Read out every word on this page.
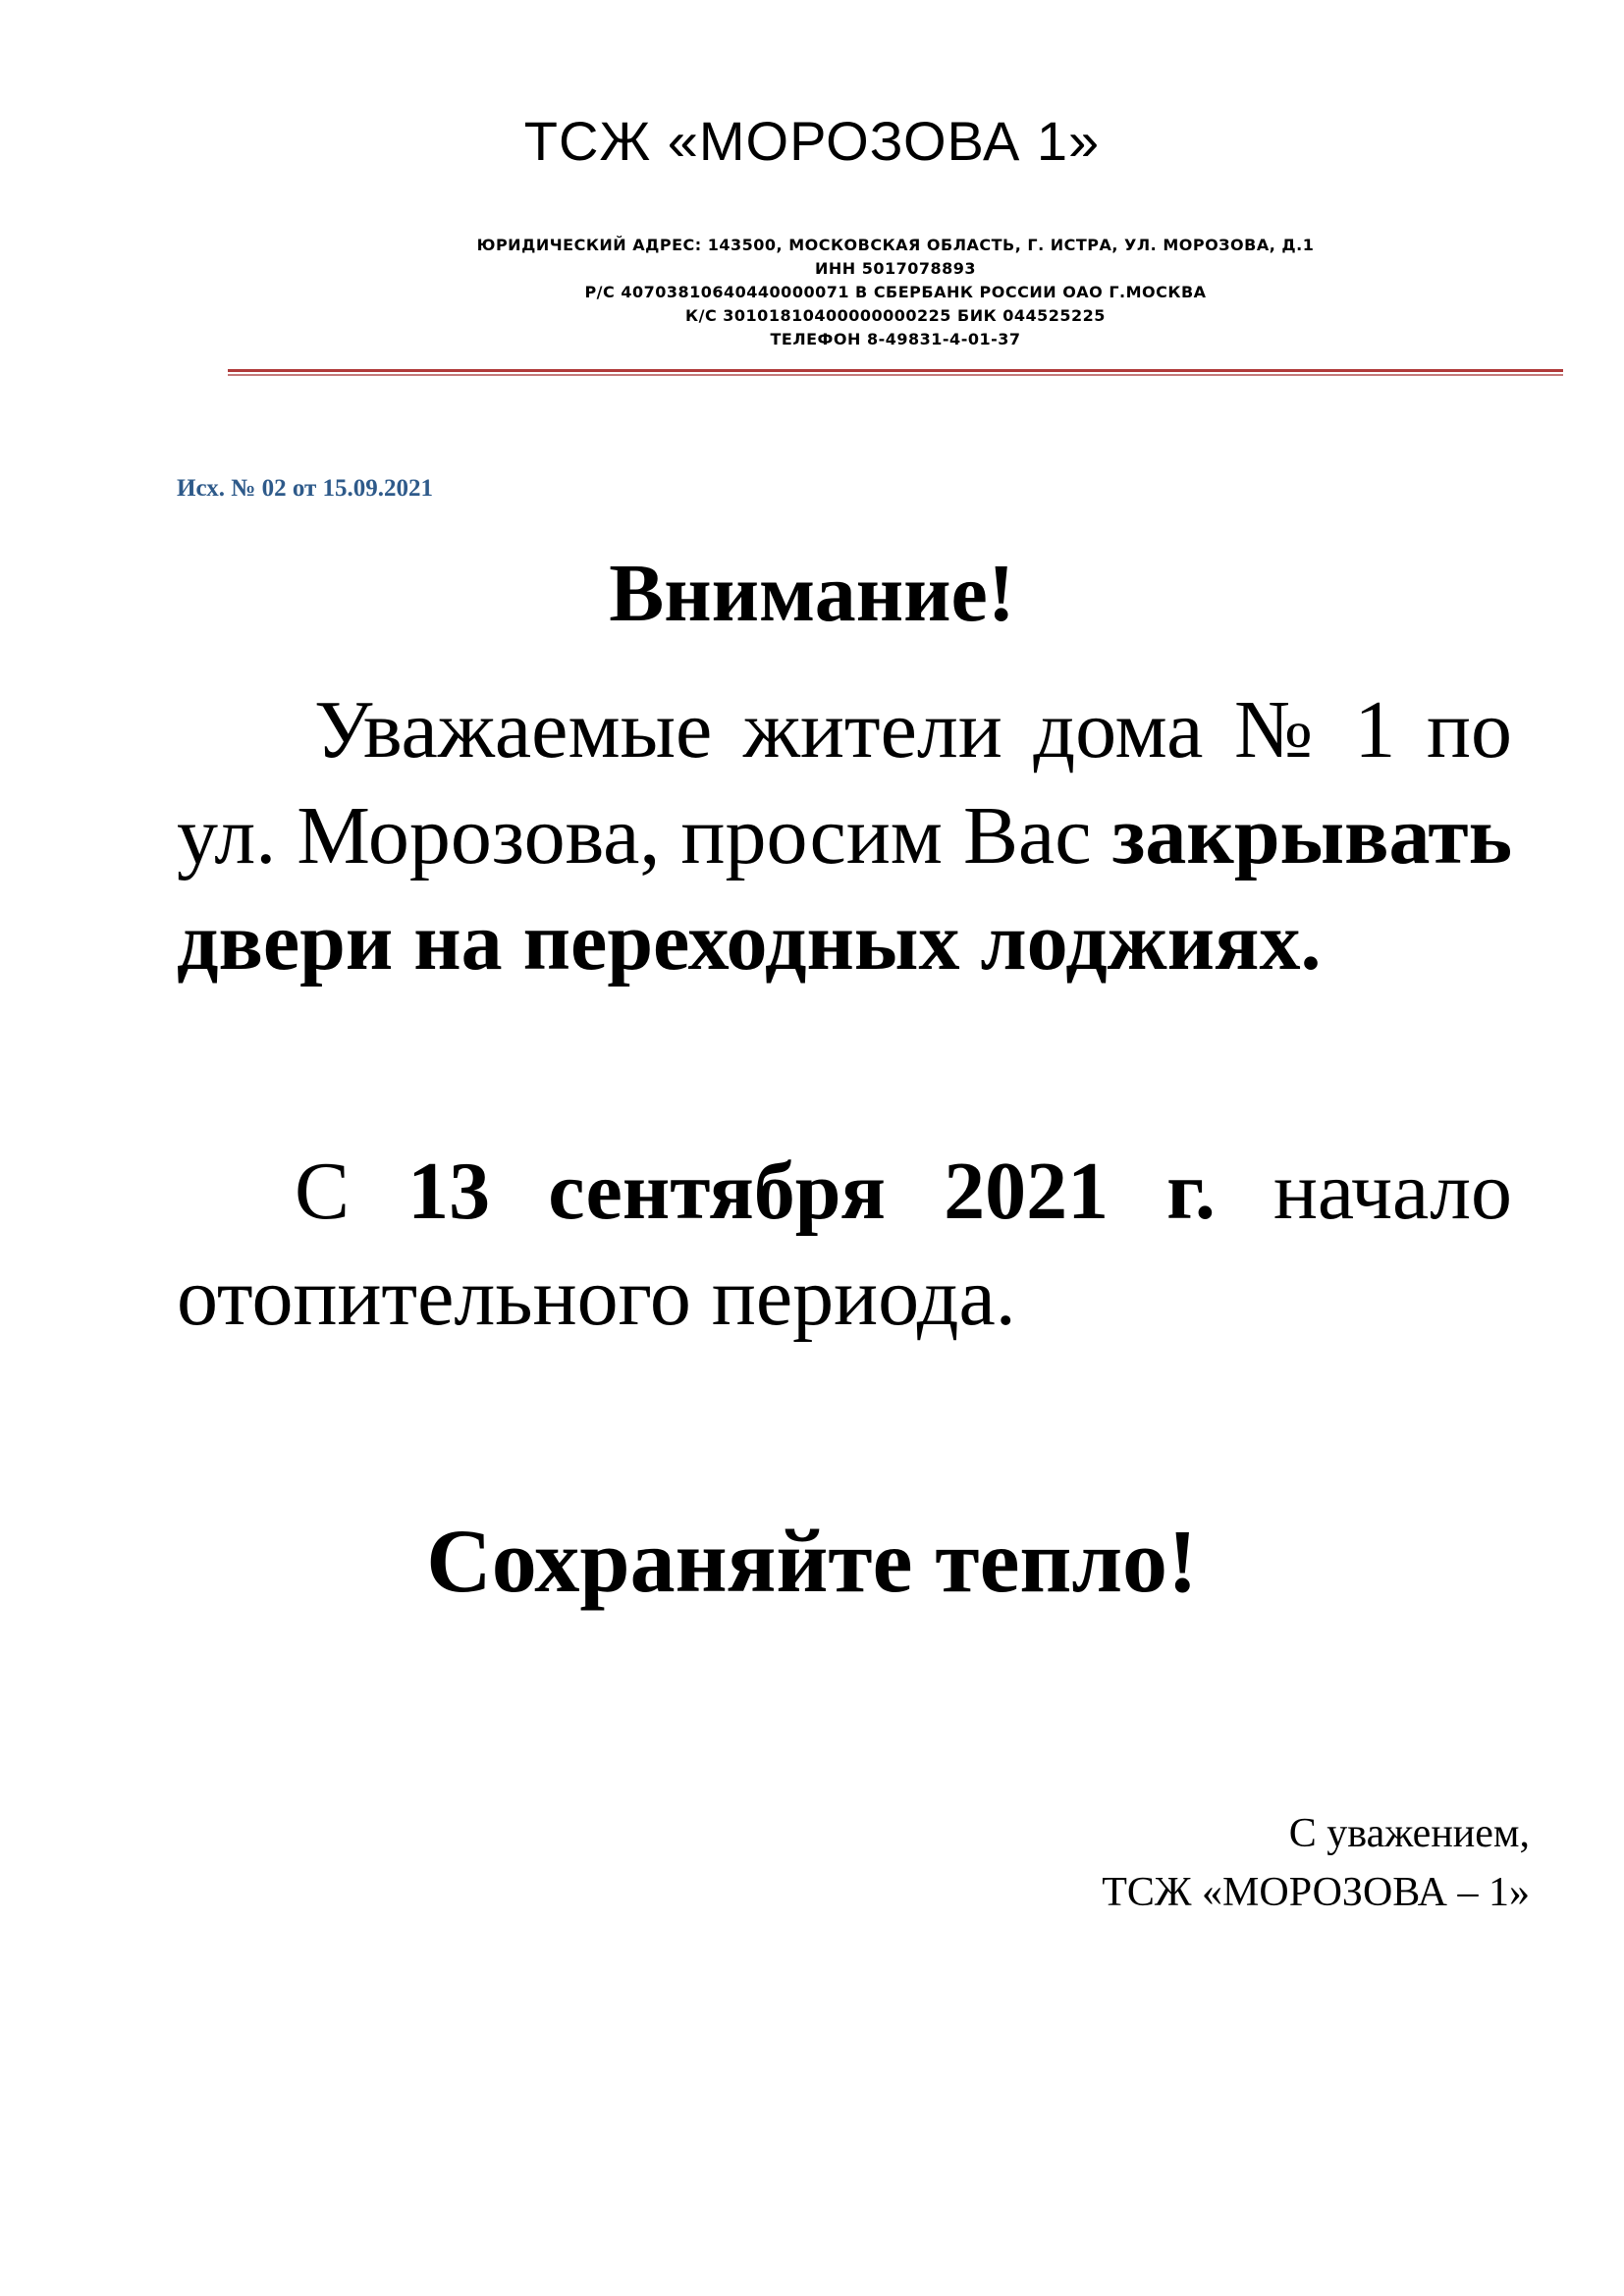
ТСЖ «МОРОЗОВА 1»
ЮРИДИЧЕСКИЙ АДРЕС: 143500, МОСКОВСКАЯ ОБЛАСТЬ, Г. ИСТРА, УЛ. МОРОЗОВА, Д.1
ИНН 5017078893
Р/С 40703810640440000071 В СБЕРБАНК РОССИИ ОАО Г.МОСКВА
К/С 30101810400000000225 БИК 044525225
ТЕЛЕФОН 8-49831-4-01-37
Исх. № 02 от 15.09.2021
Внимание!
Уважаемые жители дома № 1 по ул. Морозова, просим Вас закрывать двери на переходных лоджиях.
С 13 сентября 2021 г. начало отопительного периода.
Сохраняйте тепло!
С уважением,
ТСЖ «МОРОЗОВА – 1»
